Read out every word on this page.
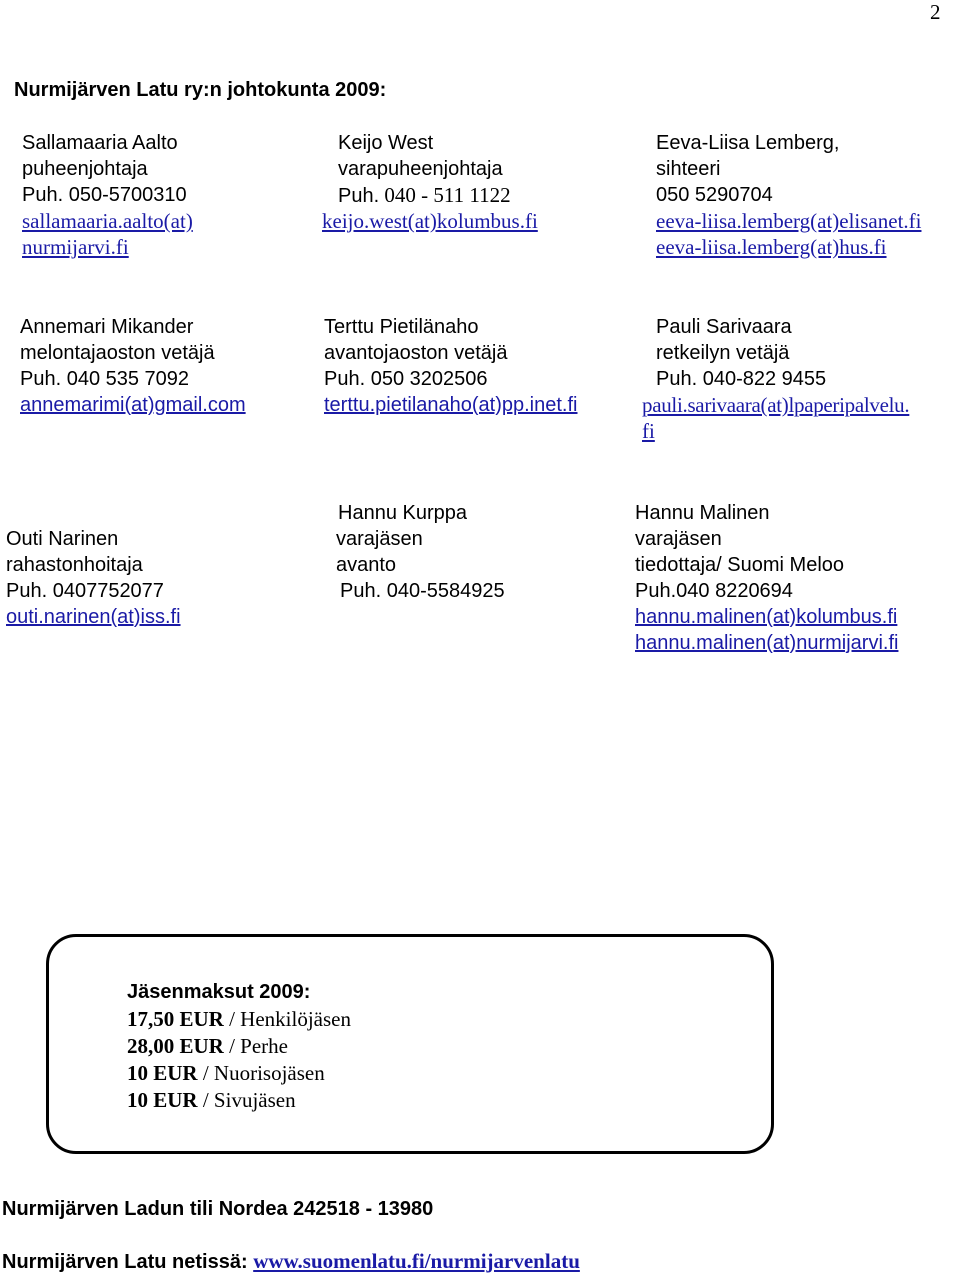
2
Nurmijärven Latu ry:n johtokunta 2009:
Sallamaaria Aalto
puheenjohtaja
Puh. 050-5700310
sallamaaria.aalto(at)
nurmijarvi.fi
Keijo West
varapuheenjohtaja
Puh. 040 - 511 1122
keijo.west(at)kolumbus.fi
Eeva-Liisa Lemberg,
sihteeri
050 5290704
eeva-liisa.lemberg(at)elisanet.fi
eeva-liisa.lemberg(at)hus.fi
Annemari Mikander
melontajaoston vetäjä
Puh. 040 535 7092
annemarimi(at)gmail.com
Terttu Pietilänaho
avantojaoston vetäjä
Puh. 050 3202506
terttu.pietilanaho(at)pp.inet.fi
Pauli Sarivaara
retkeilyn vetäjä
Puh. 040-822 9455
pauli.sarivaara(at)lpaperipalvelu.
fi
Outi Narinen
rahastonhoitaja
Puh. 0407752077
outi.narinen(at)iss.fi
Hannu Kurppa
varajäsen
avanto
Puh. 040-5584925
Hannu Malinen
varajäsen
tiedottaja/ Suomi Meloo
Puh.040 8220694
hannu.malinen(at)kolumbus.fi
hannu.malinen(at)nurmijarvi.fi
Jäsenmaksut 2009:
17,50 EUR / Henkilöjäsen
28,00 EUR / Perhe
10 EUR / Nuorisojäsen
10 EUR / Sivujäsen
Nurmijärven Ladun tili Nordea 242518 - 13980
Nurmijärven Latu netissä: www.suomenlatu.fi/nurmijarvenlatu
